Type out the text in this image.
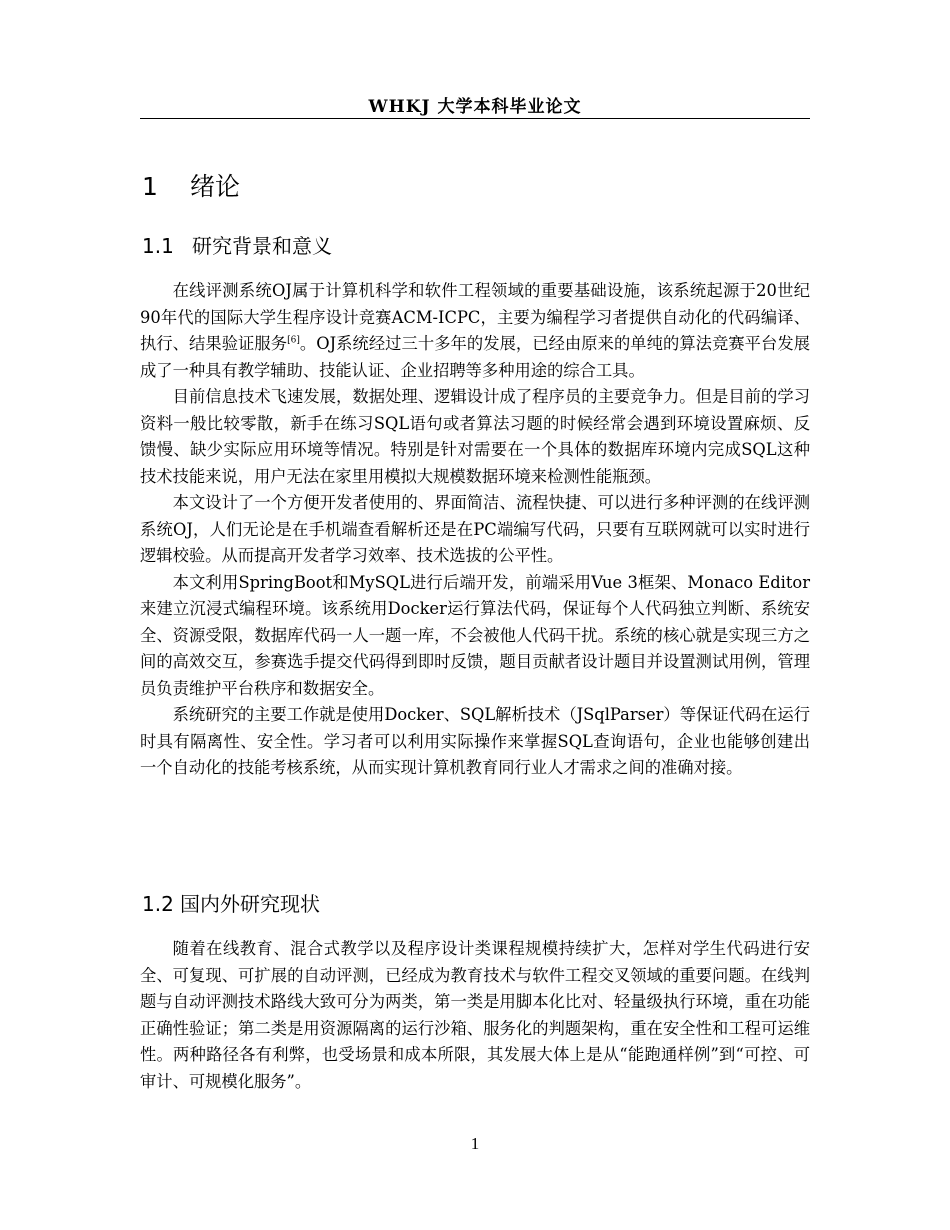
WHKJ 大学本科毕业论文
1 绪论
1.1 研究背景和意义

在线评测系统OJ属于计算机科学和软件工程领域的重要基础设施，该系统起源于20世纪90年代的国际大学生程序设计竞赛ACM-ICPC，主要为编程学习者提供自动化的代码编译、执行、结果验证服务[6]。OJ系统经过三十多年的发展，已经由原来的单纯的算法竞赛平台发展成了一种具有教学辅助、技能认证、企业招聘等多种用途的综合工具。

目前信息技术飞速发展，数据处理、逻辑设计成了程序员的主要竞争力。但是目前的学习资料一般比较零散，新手在练习SQL语句或者算法习题的时候经常会遇到环境设置麻烦、反馈慢、缺少实际应用环境等情况。特别是针对需要在一个具体的数据库环境内完成SQL这种技术技能来说，用户无法在家里用模拟大规模数据环境来检测性能瓶颈。

本文设计了一个方便开发者使用的、界面简洁、流程快捷、可以进行多种评测的在线评测系统OJ，人们无论是在手机端查看解析还是在PC端编写代码，只要有互联网就可以实时进行逻辑校验。从而提高开发者学习效率、技术选拔的公平性。

本文利用SpringBoot和MySQL进行后端开发，前端采用Vue 3框架、Monaco Editor来建立沉浸式编程环境。该系统用Docker运行算法代码，保证每个人代码独立判断、系统安全、资源受限，数据库代码一人一题一库，不会被他人代码干扰。系统的核心就是实现三方之间的高效交互，参赛选手提交代码得到即时反馈，题目贡献者设计题目并设置测试用例，管理员负责维护平台秩序和数据安全。

系统研究的主要工作就是使用Docker、SQL解析技术（JSqlParser）等保证代码在运行时具有隔离性、安全性。学习者可以利用实际操作来掌握SQL查询语句，企业也能够创建出一个自动化的技能考核系统，从而实现计算机教育同行业人才需求之间的准确对接。

1.2 国内外研究现状

随着在线教育、混合式教学以及程序设计类课程规模持续扩大，怎样对学生代码进行安全、可复现、可扩展的自动评测，已经成为教育技术与软件工程交叉领域的重要问题。在线判题与自动评测技术路线大致可分为两类，第一类是用脚本化比对、轻量级执行环境，重在功能正确性验证；第二类是用资源隔离的运行沙箱、服务化的判题架构，重在安全性和工程可运维性。两种路径各有利弊，也受场景和成本所限，其发展大体上是从“能跑通样例”到“可控、可审计、可规模化服务”。

1
